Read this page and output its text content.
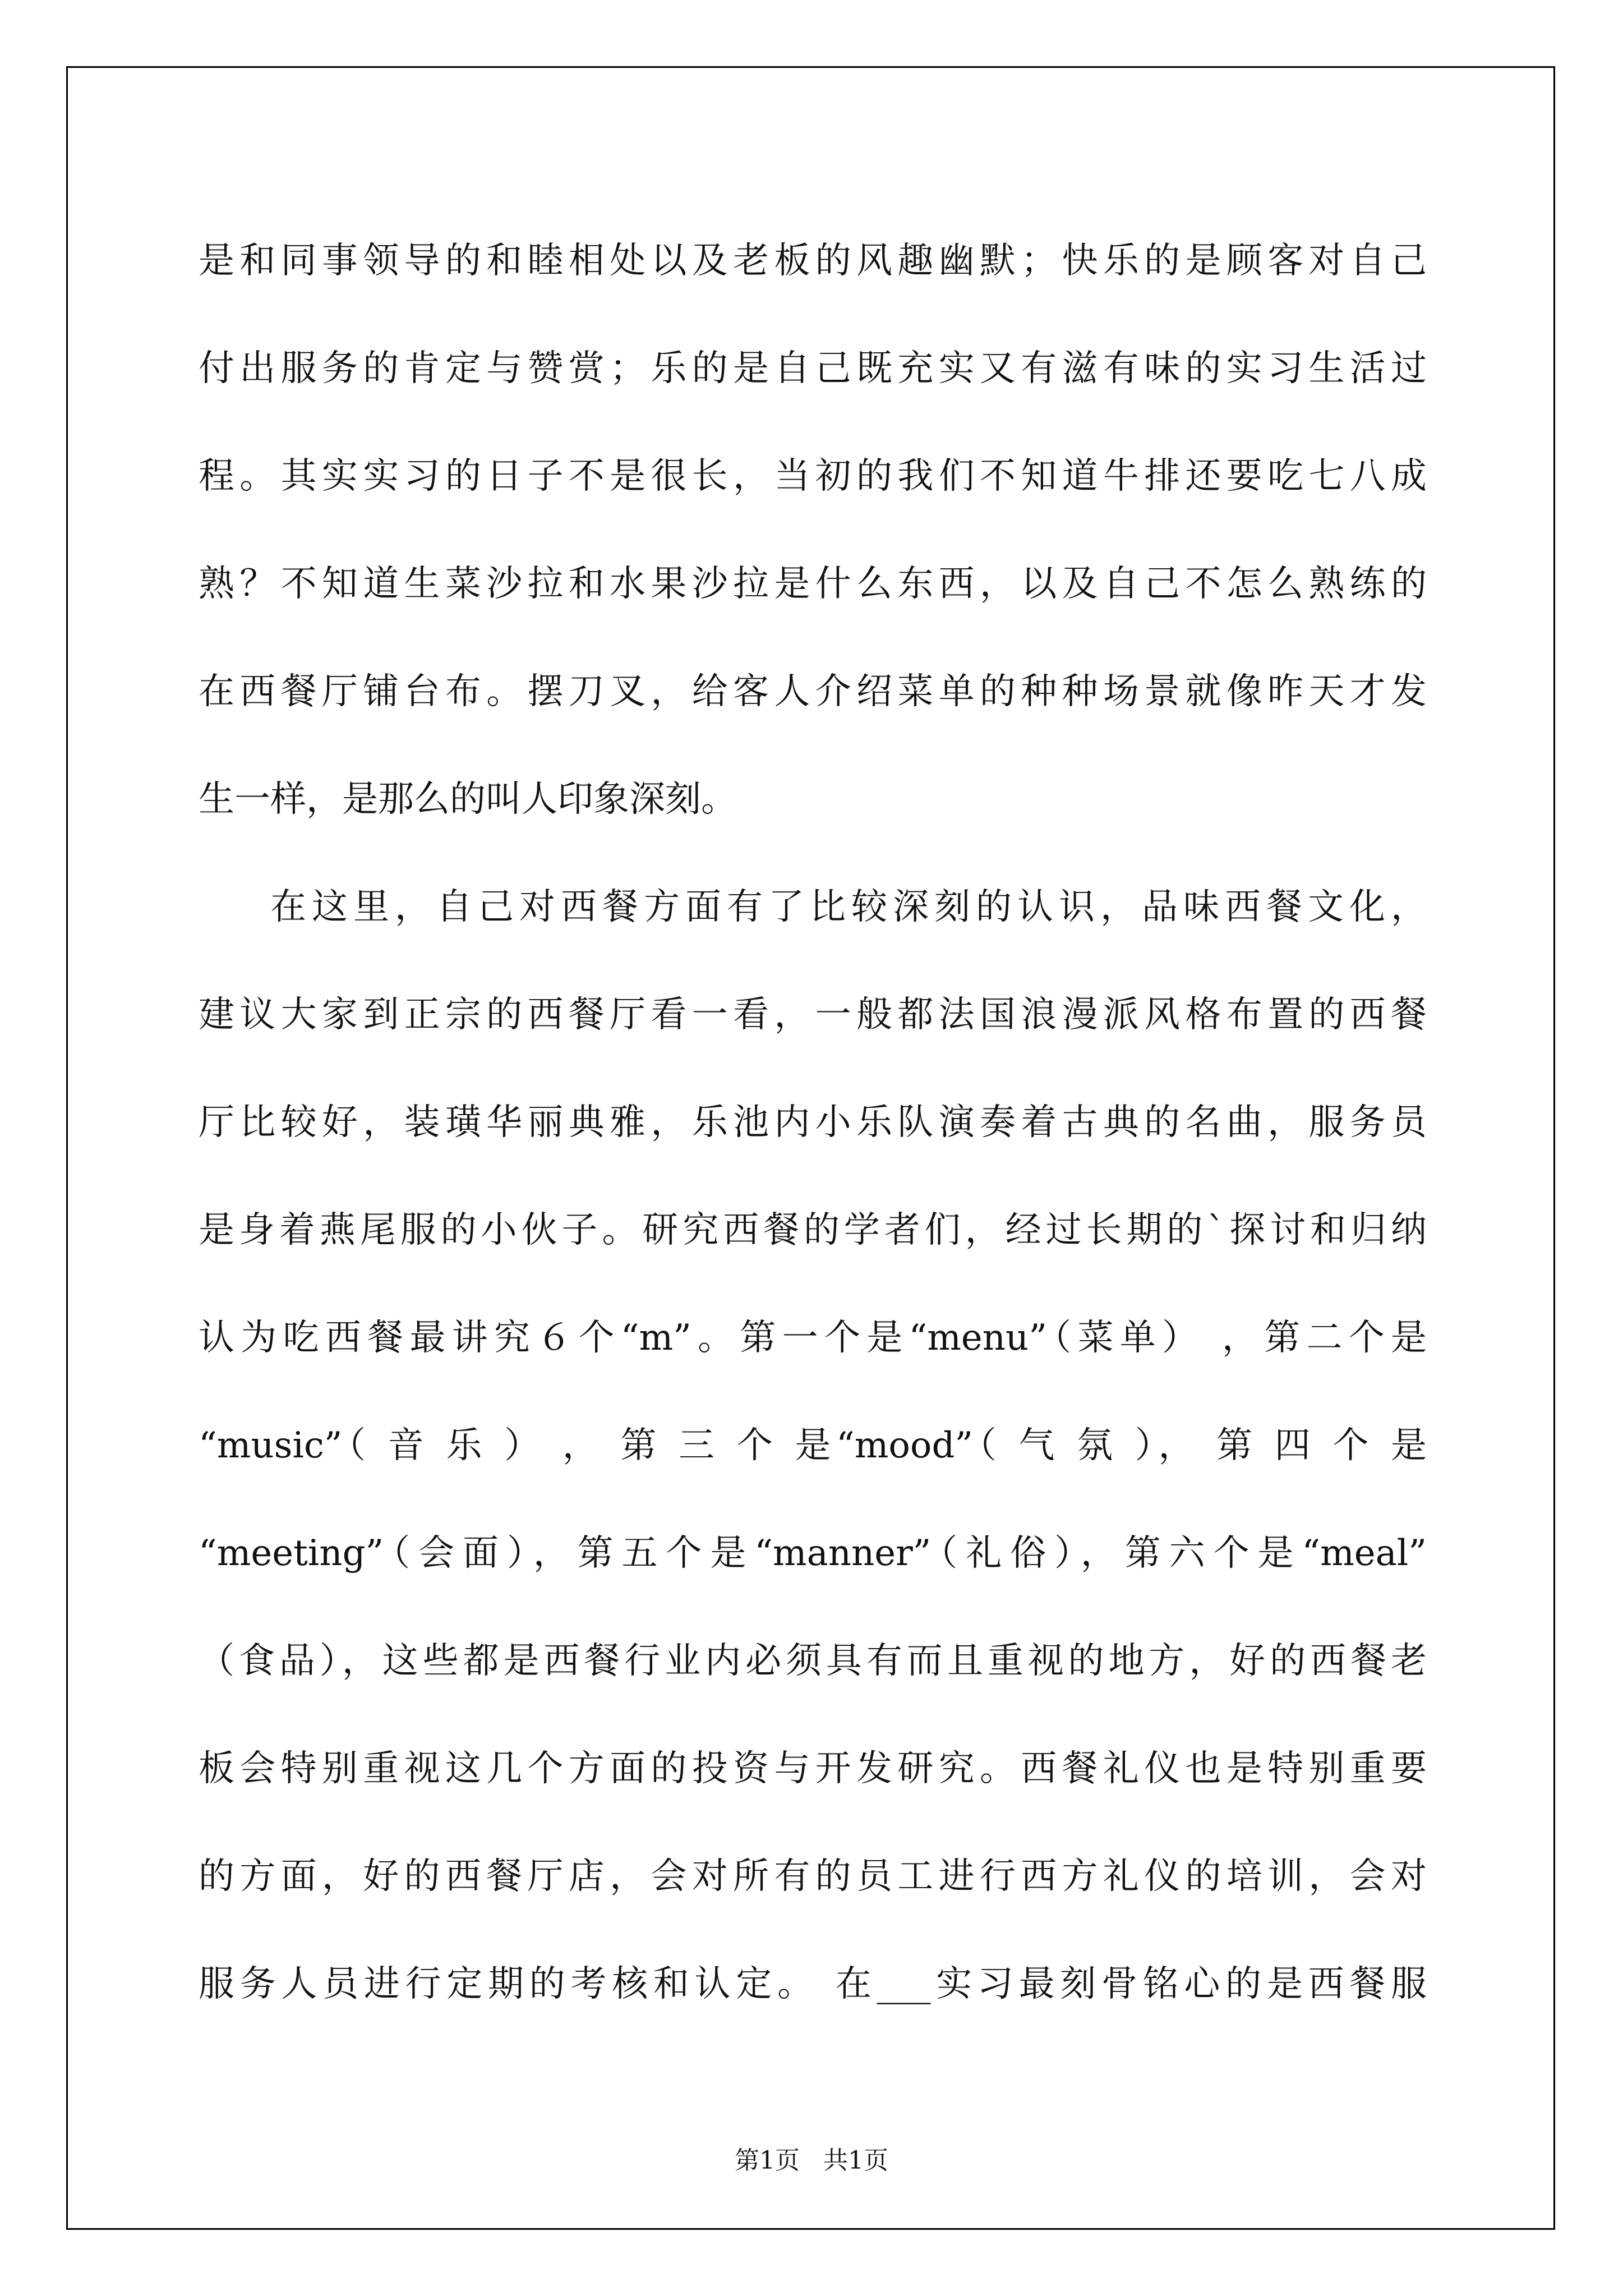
是和同事领导的和睦相处以及老板的风趣幽默；快乐的是顾客对自己
付出服务的肯定与赞赏；乐的是自己既充实又有滋有味的实习生活过
程。其实实习的日子不是很长，当初的我们不知道牛排还要吃七八成
熟？不知道生菜沙拉和水果沙拉是什么东西，以及自己不怎么熟练的
在西餐厅铺台布。摆刀叉，给客人介绍菜单的种种场景就像昨天才发
生一样，是那么的叫人印象深刻。
在这里，自己对西餐方面有了比较深刻的认识，品味西餐文化，
建议大家到正宗的西餐厅看一看，一般都法国浪漫派风格布置的西餐
厅比较好，装璜华丽典雅，乐池内小乐队演奏着古典的名曲，服务员
是身着燕尾服的小伙子。研究西餐的学者们，经过长期的`探讨和归纳
认为吃西餐最讲究６个“m”。第一个是“menu”（菜单） ，第二个是
“music”（ 音 乐 ） ， 第 三 个 是“mood”（ 气 氛 ）， 第 四 个 是
“meeting”（会面），第五个是“manner”（礼俗），第六个是“meal”
（食品），这些都是西餐行业内必须具有而且重视的地方，好的西餐老
板会特别重视这几个方面的投资与开发研究。西餐礼仪也是特别重要
的方面，好的西餐厅店，会对所有的员工进行西方礼仪的培训，会对
服务人员进行定期的考核和认定。 在___实习最刻骨铭心的是西餐服
第1页   共1页
